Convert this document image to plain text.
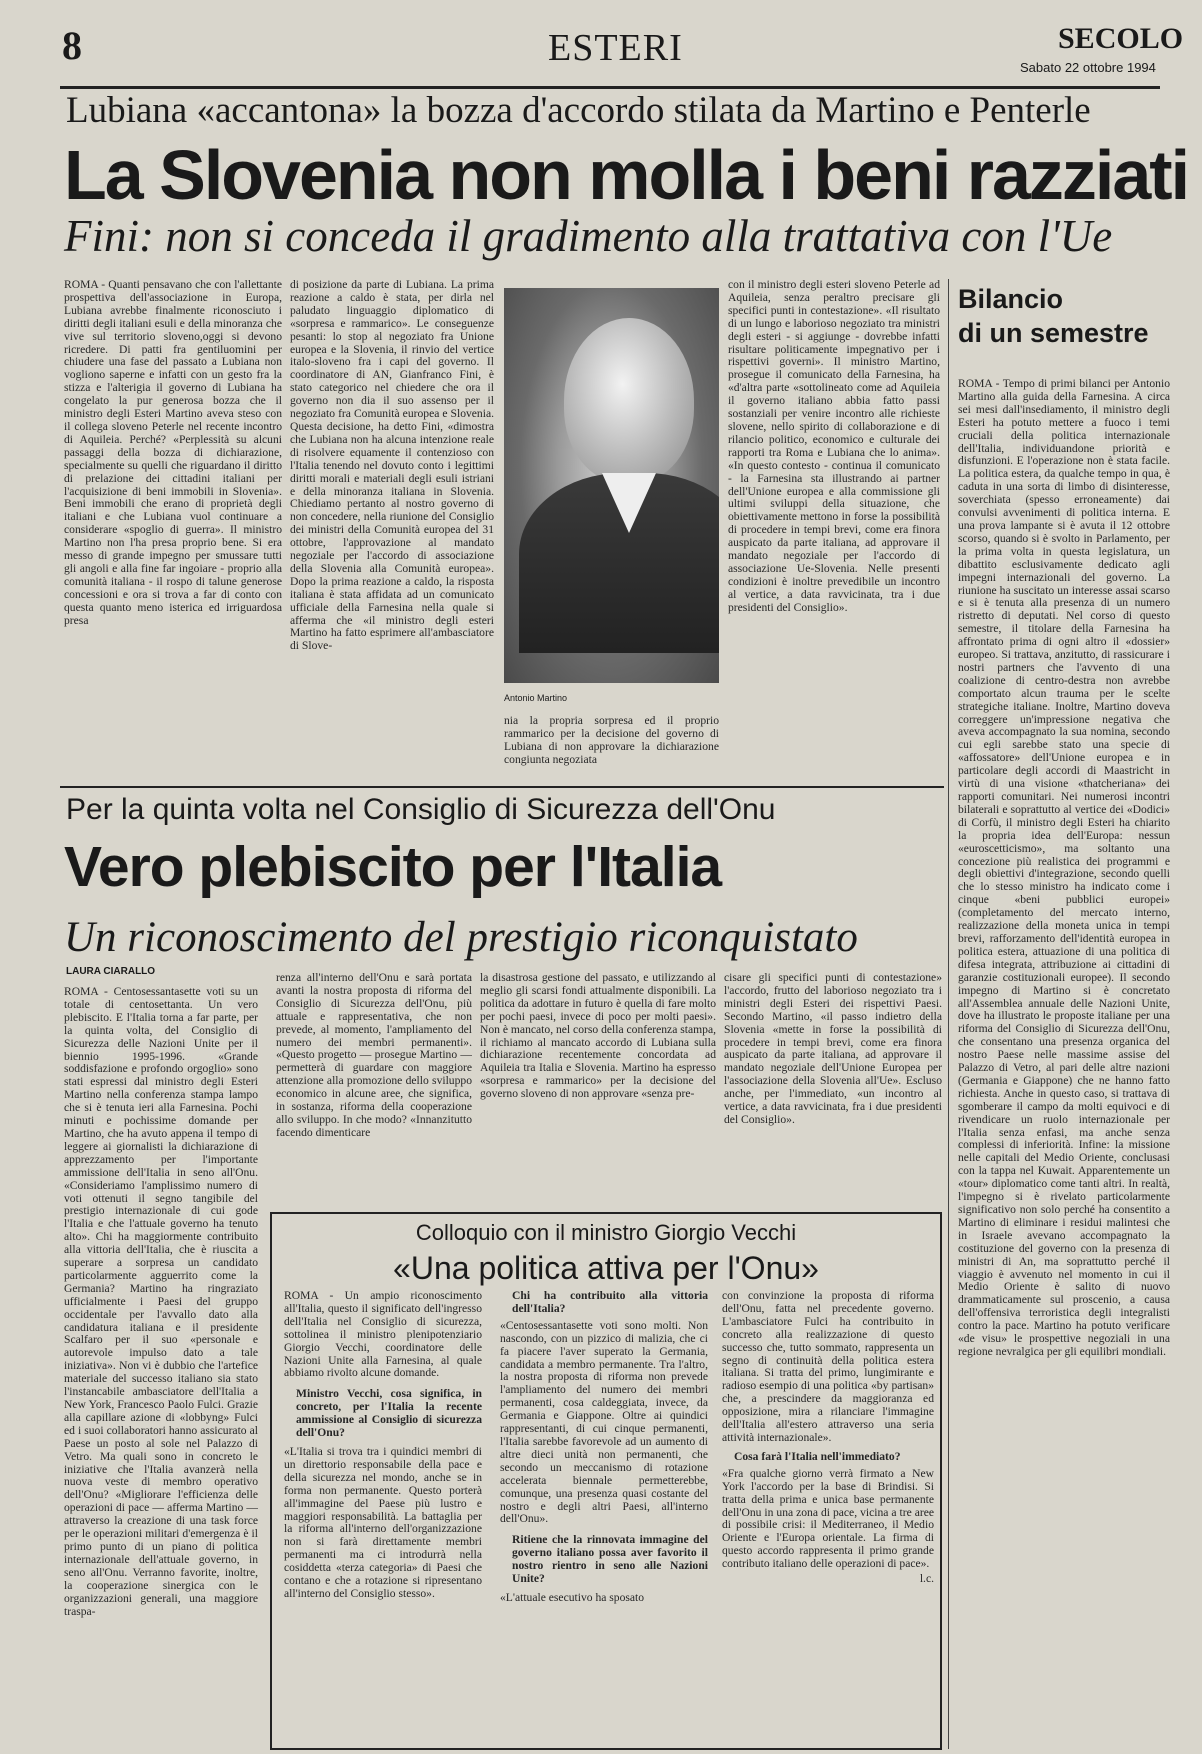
8	ESTERI	SECOLO
Sabato 22 ottobre 1994
Lubiana «accantona» la bozza d'accordo stilata da Martino e Penterle
La Slovenia non molla i beni razziati
Fini: non si conceda il gradimento alla trattativa con l'Ue
ROMA - Quanti pensavano che con l'allettante prospettiva dell'associazione in Europa, Lubiana avrebbe finalmente riconosciuto i diritti degli italiani esuli e della minoranza che vive sul territorio sloveno,oggi si devono ricredere. Di patti fra gentiluomini per chiudere una fase del passato a Lubiana non vogliono saperne e infatti con un gesto fra la stizza e l'alterigia il governo di Lubiana ha congelato la pur generosa bozza che il ministro degli Esteri Martino aveva steso con il collega sloveno Peterle nel recente incontro di Aquileia. Perché? «Perplessità su alcuni passaggi della bozza di dichiarazione, specialmente su quelli che riguardano il diritto di prelazione dei cittadini italiani per l'acquisizione di beni immobili in Slovenia». Beni immobili che erano di proprietà degli italiani e che Lubiana vuol continuare a considerare «spoglio di guerra». Il ministro Martino non l'ha presa proprio bene. Si era messo di grande impegno per smussare tutti gli angoli e alla fine far ingoiare - proprio alla comunità italiana - il rospo di talune generose concessioni e ora si trova a far di conto con questa quanto meno isterica ed irriguardosa presa
di posizione da parte di Lubiana. La prima reazione a caldo è stata, per dirla nel paludato linguaggio diplomatico di «sorpresa e rammarico». Le conseguenze pesanti: lo stop al negoziato fra Unione europea e la Slovenia, il rinvio del vertice italo-sloveno fra i capi del governo. Il coordinatore di AN, Gianfranco Fini, è stato categorico nel chiedere che ora il governo non dia il suo assenso per il negoziato fra Comunità europea e Slovenia. Questa decisione, ha detto Fini, «dimostra che Lubiana non ha alcuna intenzione reale di risolvere equamente il contenzioso con l'Italia tenendo nel dovuto conto i legittimi diritti morali e materiali degli esuli istriani e della minoranza italiana in Slovenia. Chiediamo pertanto al nostro governo di non concedere, nella riunione del Consiglio dei ministri della Comunità europea del 31 ottobre, l'approvazione al mandato negoziale per l'accordo di associazione della Slovenia alla Comunità europea». Dopo la prima reazione a caldo, la risposta italiana è stata affidata ad un comunicato ufficiale della Farnesina nella quale si afferma che «il ministro degli esteri Martino ha fatto esprimere all'ambasciatore di Slove-
Antonio Martino
nia la propria sorpresa ed il proprio rammarico per la decisione del governo di Lubiana di non approvare la dichiarazione congiunta negoziata
con il ministro degli esteri sloveno Peterle ad Aquileia, senza peraltro precisare gli specifici punti in contestazione». «Il risultato di un lungo e laborioso negoziato tra ministri degli esteri - si aggiunge - dovrebbe infatti risultare politicamente impegnativo per i rispettivi governi». Il ministro Martino, prosegue il comunicato della Farnesina, ha «d'altra parte «sottolineato come ad Aquileia il governo italiano abbia fatto passi sostanziali per venire incontro alle richieste slovene, nello spirito di collaborazione e di rilancio politico, economico e culturale dei rapporti tra Roma e Lubiana che lo anima». «In questo contesto - continua il comunicato - la Farnesina sta illustrando ai partner dell'Unione europea e alla commissione gli ultimi sviluppi della situazione, che obiettivamente mettono in forse la possibilità di procedere in tempi brevi, come era finora auspicato da parte italiana, ad approvare il mandato negoziale per l'accordo di associazione Ue-Slovenia. Nelle presenti condizioni è inoltre prevedibile un incontro al vertice, a data ravvicinata, tra i due presidenti del Consiglio».
Bilancio
di un semestre
ROMA - Tempo di primi bilanci per Antonio Martino alla guida della Farnesina. A circa sei mesi dall'insediamento, il ministro degli Esteri ha potuto mettere a fuoco i temi cruciali della politica internazionale dell'Italia, individuandone priorità e disfunzioni. E l'operazione non è stata facile. La politica estera, da qualche tempo in qua, è caduta in una sorta di limbo di disinteresse, soverchiata (spesso erroneamente) dai convulsi avvenimenti di politica interna. E una prova lampante si è avuta il 12 ottobre scorso, quando si è svolto in Parlamento, per la prima volta in questa legislatura, un dibattito esclusivamente dedicato agli impegni internazionali del governo. La riunione ha suscitato un interesse assai scarso e si è tenuta alla presenza di un numero ristretto di deputati. Nel corso di questo semestre, il titolare della Farnesina ha affrontato prima di ogni altro il «dossier» europeo. Si trattava, anzitutto, di rassicurare i nostri partners che l'avvento di una coalizione di centro-destra non avrebbe comportato alcun trauma per le scelte strategiche italiane. Inoltre, Martino doveva correggere un'impressione negativa che aveva accompagnato la sua nomina, secondo cui egli sarebbe stato una specie di «affossatore» dell'Unione europea e in particolare degli accordi di Maastricht in virtù di una visione «thatcheriana» dei rapporti comunitari. Nei numerosi incontri bilaterali e soprattutto al vertice dei «Dodici» di Corfù, il ministro degli Esteri ha chiarito la propria idea dell'Europa: nessun «euroscetticismo», ma soltanto una concezione più realistica dei programmi e degli obiettivi d'integrazione, secondo quelli che lo stesso ministro ha indicato come i cinque «beni pubblici europei» (completamento del mercato interno, realizzazione della moneta unica in tempi brevi, rafforzamento dell'identità europea in politica estera, attuazione di una politica di difesa integrata, attribuzione ai cittadini di garanzie costituzionali europee). Il secondo impegno di Martino si è concretato all'Assemblea annuale delle Nazioni Unite, dove ha illustrato le proposte italiane per una riforma del Consiglio di Sicurezza dell'Onu, che consentano una presenza organica del nostro Paese nelle massime assise del Palazzo di Vetro, al pari delle altre nazioni (Germania e Giappone) che ne hanno fatto richiesta. Anche in questo caso, si trattava di sgomberare il campo da molti equivoci e di rivendicare un ruolo internazionale per l'Italia senza enfasi, ma anche senza complessi di inferiorità. Infine: la missione nelle capitali del Medio Oriente, conclusasi con la tappa nel Kuwait. Apparentemente un «tour» diplomatico come tanti altri. In realtà, l'impegno si è rivelato particolarmente significativo non solo perché ha consentito a Martino di eliminare i residui malintesi che in Israele avevano accompagnato la costituzione del governo con la presenza di ministri di An, ma soprattutto perché il viaggio è avvenuto nel momento in cui il Medio Oriente è salito di nuovo drammaticamente sul proscenio, a causa dell'offensiva terroristica degli integralisti contro la pace. Martino ha potuto verificare «de visu» le prospettive negoziali in una regione nevralgica per gli equilibri mondiali.
Per la quinta volta nel Consiglio di Sicurezza dell'Onu
Vero plebiscito per l'Italia
Un riconoscimento del prestigio riconquistato
LAURA CIARALLO
ROMA - Centosessantasette voti su un totale di centosettanta. Un vero plebiscito. E l'Italia torna a far parte, per la quinta volta, del Consiglio di Sicurezza delle Nazioni Unite per il biennio 1995-1996. «Grande soddisfazione e profondo orgoglio» sono stati espressi dal ministro degli Esteri Martino nella conferenza stampa lampo che si è tenuta ieri alla Farnesina. Pochi minuti e pochissime domande per Martino, che ha avuto appena il tempo di leggere ai giornalisti la dichiarazione di apprezzamento per l'importante ammissione dell'Italia in seno all'Onu. «Consideriamo l'amplissimo numero di voti ottenuti il segno tangibile del prestigio internazionale di cui gode l'Italia e che l'attuale governo ha tenuto alto». Chi ha maggiormente contribuito alla vittoria dell'Italia, che è riuscita a superare a sorpresa un candidato particolarmente agguerrito come la Germania? Martino ha ringraziato ufficialmente i Paesi del gruppo occidentale per l'avvallo dato alla candidatura italiana e il presidente Scalfaro per il suo «personale e autorevole impulso dato a tale iniziativa». Non vi è dubbio che l'artefice materiale del successo italiano sia stato l'instancabile ambasciatore dell'Italia a New York, Francesco Paolo Fulci. Grazie alla capillare azione di «lobbyng» Fulci ed i suoi collaboratori hanno assicurato al Paese un posto al sole nel Palazzo di Vetro. Ma quali sono in concreto le iniziative che l'Italia avanzerà nella nuova veste di membro operativo dell'Onu? «Migliorare l'efficienza delle operazioni di pace — afferma Martino — attraverso la creazione di una task force per le operazioni militari d'emergenza è il primo punto di un piano di politica internazionale dell'attuale governo, in seno all'Onu. Verranno favorite, inoltre, la cooperazione sinergica con le organizzazioni generali, una maggiore traspa-
renza all'interno dell'Onu e sarà portata avanti la nostra proposta di riforma del Consiglio di Sicurezza dell'Onu, più attuale e rappresentativa, che non prevede, al momento, l'ampliamento del numero dei membri permanenti». «Questo progetto — prosegue Martino — permetterà di guardare con maggiore attenzione alla promozione dello sviluppo economico in alcune aree, che significa, in sostanza, riforma della cooperazione allo sviluppo. In che modo? «Innanzitutto facendo dimenticare
la disastrosa gestione del passato, e utilizzando al meglio gli scarsi fondi attualmente disponibili. La politica da adottare in futuro è quella di fare molto per pochi paesi, invece di poco per molti paesi». Non è mancato, nel corso della conferenza stampa, il richiamo al mancato accordo di Lubiana sulla dichiarazione recentemente concordata ad Aquileia tra Italia e Slovenia. Martino ha espresso «sorpresa e rammarico» per la decisione del governo sloveno di non approvare «senza pre-
cisare gli specifici punti di contestazione» l'accordo, frutto del laborioso negoziato tra i ministri degli Esteri dei rispettivi Paesi. Secondo Martino, «il passo indietro della Slovenia «mette in forse la possibilità di procedere in tempi brevi, come era finora auspicato da parte italiana, ad approvare il mandato negoziale dell'Unione Europea per l'associazione della Slovenia all'Ue». Escluso anche, per l'immediato, «un incontro al vertice, a data ravvicinata, fra i due presidenti del Consiglio».
Colloquio con il ministro Giorgio Vecchi
«Una politica attiva per l'Onu»
ROMA - Un ampio riconoscimento all'Italia, questo il significato dell'ingresso dell'Italia nel Consiglio di sicurezza, sottolinea il ministro plenipotenziario Giorgio Vecchi, coordinatore delle Nazioni Unite alla Farnesina, al quale abbiamo rivolto alcune domande.
Ministro Vecchi, cosa significa, in concreto, per l'Italia la recente ammissione al Consiglio di sicurezza dell'Onu?
«L'Italia si trova tra i quindici membri di un direttorio responsabile della pace e della sicurezza nel mondo, anche se in forma non permanente. Questo porterà all'immagine del Paese più lustro e maggiori responsabilità. La battaglia per la riforma all'interno dell'organizzazione non si farà direttamente membri permanenti ma ci introdurrà nella cosiddetta «terza categoria» di Paesi che contano e che a rotazione si ripresentano all'interno del Consiglio stesso».
Chi ha contribuito alla vittoria dell'Italia?
«Centosessantasette voti sono molti. Non nascondo, con un pizzico di malizia, che ci fa piacere l'aver superato la Germania, candidata a membro permanente. Tra l'altro, la nostra proposta di riforma non prevede l'ampliamento del numero dei membri permanenti, cosa caldeggiata, invece, da Germania e Giappone. Oltre ai quindici rappresentanti, di cui cinque permanenti, l'Italia sarebbe favorevole ad un aumento di altre dieci unità non permanenti, che secondo un meccanismo di rotazione accelerata biennale permetterebbe, comunque, una presenza quasi costante del nostro e degli altri Paesi, all'interno dell'Onu».
Ritiene che la rinnovata immagine del governo italiano possa aver favorito il nostro rientro in seno alle Nazioni Unite?
«L'attuale esecutivo ha sposato
con convinzione la proposta di riforma dell'Onu, fatta nel precedente governo. L'ambasciatore Fulci ha contribuito in concreto alla realizzazione di questo successo che, tutto sommato, rappresenta un segno di continuità della politica estera italiana. Si tratta del primo, lungimirante e radioso esempio di una politica «by partisan» che, a prescindere da maggioranza ed opposizione, mira a rilanciare l'immagine dell'Italia all'estero attraverso una seria attività internazionale».
Cosa farà l'Italia nell'immediato?
«Fra qualche giorno verrà firmato a New York l'accordo per la base di Brindisi. Si tratta della prima e unica base permanente dell'Onu in una zona di pace, vicina a tre aree di possibile crisi: il Mediterraneo, il Medio Oriente e l'Europa orientale. La firma di questo accordo rappresenta il primo grande contributo italiano delle operazioni di pace».
l.c.
